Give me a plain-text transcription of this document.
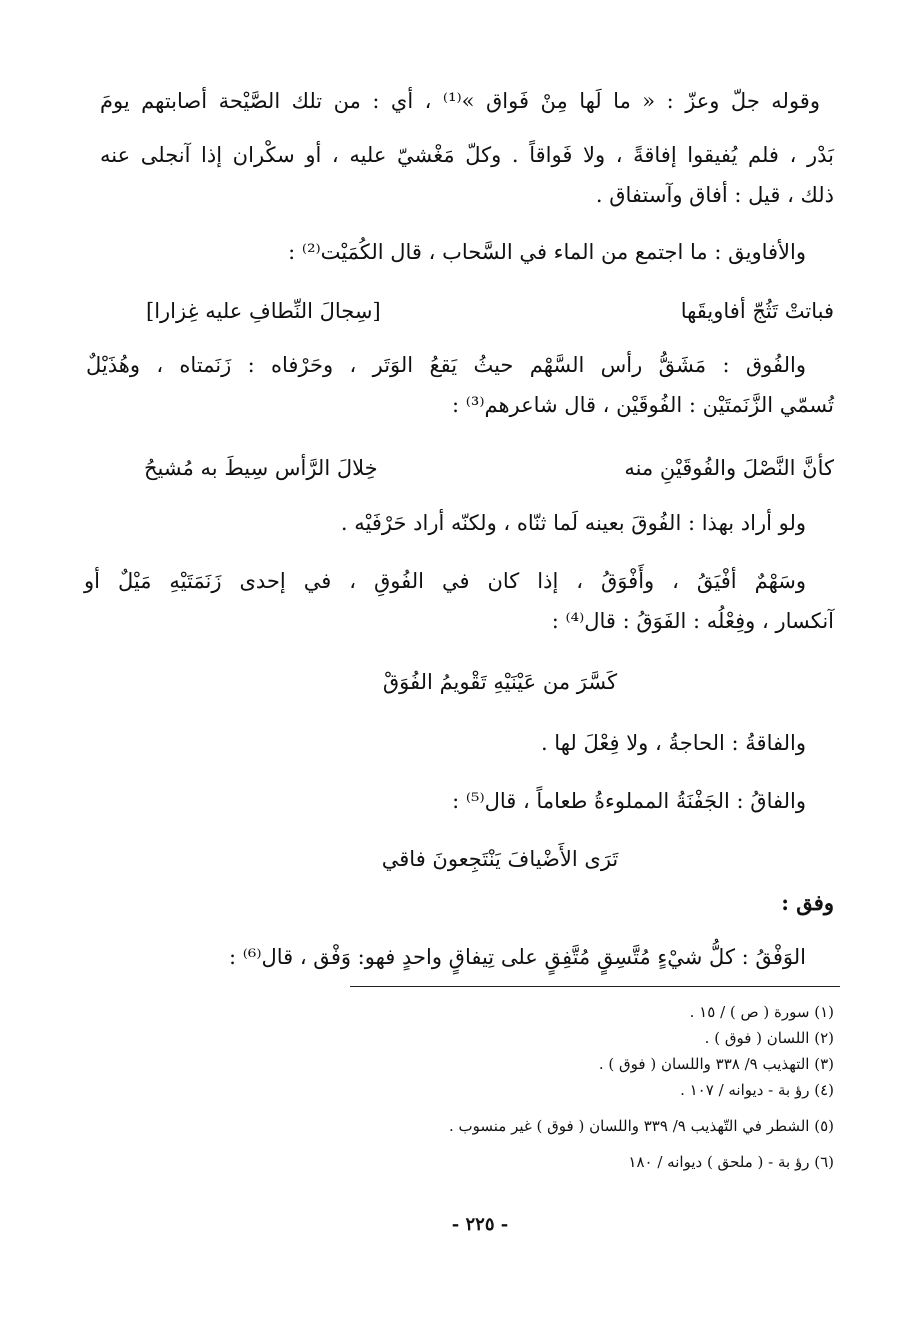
وقوله جلّ وعزّ : « ما لَها مِنْ فَواق »⁽¹⁾ ، أي : من تلك الصَّيْحة أصابتهم يومَ
بَدْر ، فلم يُفيقوا إفاقةً ، ولا فَواقاً . وكلّ مَغْشيّ عليه ، أو سكْران إذا آنجلى عنه
ذلك ، قيل : أفاق وآستفاق .
والأفاويق : ما اجتمع من الماء في السَّحاب ، قال الكُمَيْت⁽²⁾ :
فباتتْ تَثُجّ أفاويقَها
[سِجالَ النِّطافِ عليه غِزارا]
والفُوق : مَشَقُّ رأس السَّهْم حيثُ يَقعُ الوَتَر ، وحَرْفاه : زَنَمتاه ، وهُذَيْلٌ
تُسمّي الزَّنَمتَيْن : الفُوقَيْن ، قال شاعرهم⁽³⁾ :
كأنَّ النَّصْلَ والفُوقَيْنِ منه
خِلالَ الرَّأس سِيطَ به مُشيحُ
ولو أراد بهذا : الفُوقَ بعينه لَما ثنّاه ، ولكنّه أراد حَرْفَيْه .
وسَهْمٌ أفْيَقُ ، وأَفْوَقُ ، إذا كان في الفُوقِ ، في إحدى زَنَمَتَيْهِ مَيْلٌ أو
آنكسار ، وفِعْلُه : الفَوَقُ : قال⁽⁴⁾ :
كَسَّرَ من عَيْنَيْهِ تَقْويمُ الفُوَقْ
والفاقةُ : الحاجةُ ، ولا فِعْلَ لها .
والفاقُ : الجَفْنَةُ المملوءةُ طعاماً ، قال⁽⁵⁾ :
تَرَى الأَضْيافَ يَنْتَجِعونَ فاقي
وفق :
الوَفْقُ : كلُّ شيْءٍ مُتَّسِقٍ مُتَّفِقٍ على تِيفاقٍ واحدٍ فهو: وَفْق ، قال⁽⁶⁾ :
(١) سورة ( ص ) / ١٥ .
(٢) اللسان ( فوق ) .
(٣) التهذيب ٩/ ٣٣٨ واللسان ( فوق ) .
(٤) رؤ بة - ديوانه / ١٠٧ .
(٥) الشطر في التّهذيب ٩/ ٣٣٩ واللسان ( فوق ) غير منسوب .
(٦) رؤ بة - ( ملحق ) ديوانه / ١٨٠
- ٢٢٥ -
